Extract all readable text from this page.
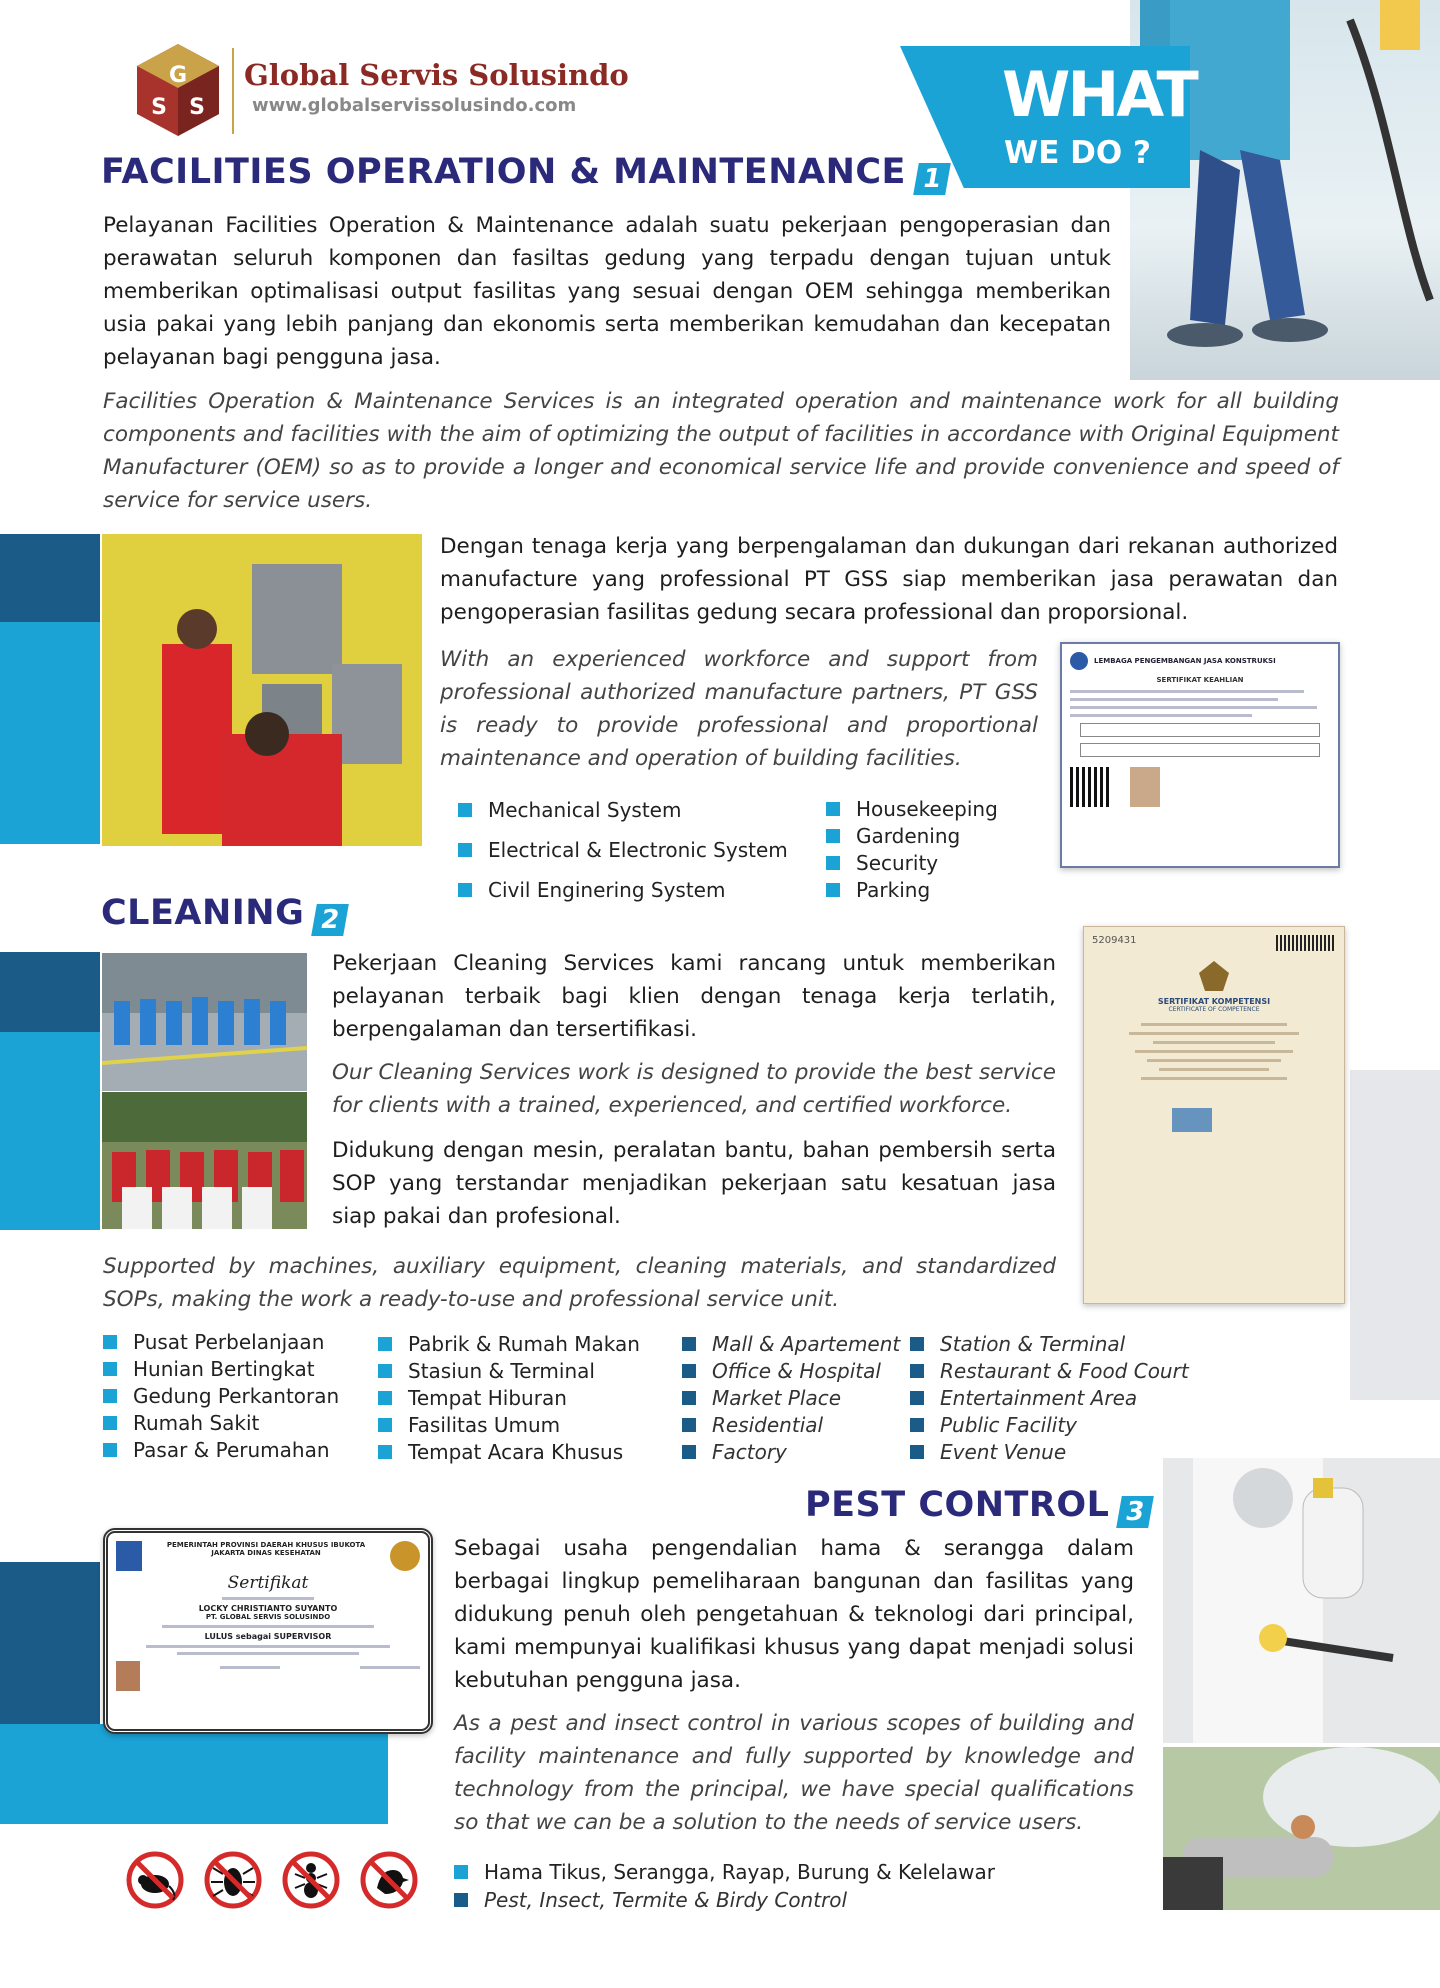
G
S S
Global Servis Solusindo
www.globalservissolusindo.com	WHAT
WE DO ?
FACILITIES OPERATION & MAINTENANCE 1

Pelayanan Facilities Operation & Maintenance adalah suatu pekerjaan pengoperasian dan perawatan seluruh komponen dan fasiltas gedung yang terpadu dengan tujuan untuk memberikan optimalisasi output fasilitas yang sesuai dengan OEM sehingga memberikan usia pakai yang lebih panjang dan ekonomis serta memberikan kemudahan dan kecepatan pelayanan bagi pengguna jasa.

Facilities Operation & Maintenance Services is an integrated operation and maintenance work for all building components and facilities with the aim of optimizing the output of facilities in accordance with Original Equipment Manufacturer (OEM) so as to provide a longer and economical service life and provide convenience and speed of service for service users.

Dengan tenaga kerja yang berpengalaman dan dukungan dari rekanan authorized manufacture yang professional PT GSS siap memberikan jasa perawatan dan pengoperasian fasilitas gedung secara professional dan proporsional.

With an experienced workforce and support from professional authorized manufacture partners, PT GSS is ready to provide professional and proportional maintenance and operation of building facilities.

LEMBAGA PENGEMBANGAN JASA KONSTRUKSI
SERTIFIKAT KEAHLIAN
Mechanical System
Electrical & Electronic System
Civil Enginering System
Housekeeping
Gardening
Security
Parking
CLEANING 2

Pekerjaan Cleaning Services kami rancang untuk memberikan pelayanan terbaik bagi klien dengan tenaga kerja terlatih, berpengalaman dan tersertifikasi.

Our Cleaning Services work is designed to provide the best service for clients with a trained, experienced, and certified workforce.

Didukung dengan mesin, peralatan bantu, bahan pembersih serta SOP yang terstandar menjadikan pekerjaan satu kesatuan jasa siap pakai dan profesional.

Supported by machines, auxiliary equipment, cleaning materials, and standardized SOPs, making the work a ready-to-use and professional service unit.

5209431
SERTIFIKAT KOMPETENSI
CERTIFICATE OF COMPETENCE
Pusat Perbelanjaan
Hunian Bertingkat
Gedung Perkantoran
Rumah Sakit
Pasar & Perumahan
Pabrik & Rumah Makan
Stasiun & Terminal
Tempat Hiburan
Fasilitas Umum
Tempat Acara Khusus
Mall & Apartement
Office & Hospital
Market Place
Residential
Factory
Station & Terminal
Restaurant & Food Court
Entertainment Area
Public Facility
Event Venue
PEST CONTROL 3
PEMERINTAH PROVINSI DAERAH KHUSUS IBUKOTA JAKARTA DINAS KESEHATAN
Sertifikat
LOCKY CHRISTIANTO SUYANTO
PT. GLOBAL SERVIS SOLUSINDO
LULUS sebagai SUPERVISOR

Sebagai usaha pengendalian hama & serangga dalam berbagai lingkup pemeliharaan bangunan dan fasilitas yang didukung penuh oleh pengetahuan & teknologi dari principal, kami mempunyai kualifikasi khusus yang dapat menjadi solusi kebutuhan pengguna jasa.

As a pest and insect control in various scopes of building and facility maintenance and fully supported by knowledge and technology from the principal, we have special qualifications so that we can be a solution to the needs of service users.

Hama Tikus, Serangga, Rayap, Burung & Kelelawar
Pest, Insect, Termite & Birdy Control
